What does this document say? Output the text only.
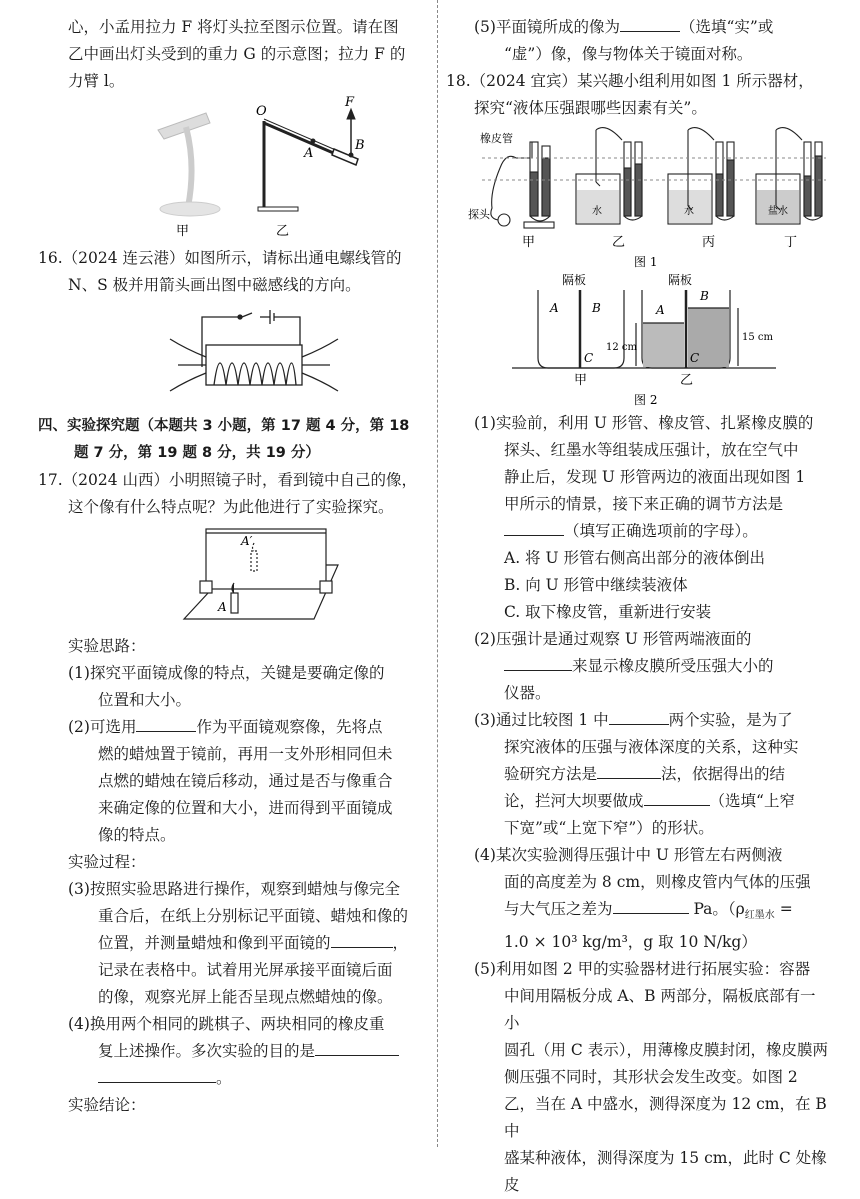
心，小孟用拉力 F 将灯头拉至图示位置。请在图

乙中画出灯头受到的重力 G 的示意图；拉力 F 的

力臂 l。

甲
O
F
A
B
乙

16.（2024 连云港）如图所示，请标出通电螺线管的

N、S 极并用箭头画出图中磁感线的方向。

四、实验探究题（本题共 3 小题，第 17 题 4 分，第 18

题 7 分，第 19 题 8 分，共 19 分）

17.（2024 山西）小明照镜子时，看到镜中自己的像，

这个像有什么特点呢？为此他进行了实验探究。

A′
A

实验思路：

(1)探究平面镜成像的特点，关键是要确定像的

位置和大小。

(2)可选用	作为平面镜观察像，先将点

燃的蜡烛置于镜前，再用一支外形相同但未

点燃的蜡烛在镜后移动，通过是否与像重合

来确定像的位置和大小，进而得到平面镜成

像的特点。

实验过程：

(3)按照实验思路进行操作，观察到蜡烛与像完全

重合后，在纸上分别标记平面镜、蜡烛和像的

位置，并测量蜡烛和像到平面镜的	，

记录在表格中。试着用光屏承接平面镜后面

的像，观察光屏上能否呈现点燃蜡烛的像。

(4)换用两个相同的跳棋子、两块相同的橡皮重

复上述操作。多次实验的目的是

。

实验结论：

(5)平面镜所成的像为	（选填“实”或

“虚”）像，像与物体关于镜面对称。

18.（2024 宜宾）某兴趣小组利用如图 1 所示器材，

探究“液体压强跟哪些因素有关”。

橡皮管
探头	水	水	盐水
甲	乙	丙	丁
图 1
隔板	隔板
A	B
C
A
B
C
12 cm
15 cm
甲	乙
图 2

(1)实验前，利用 U 形管、橡皮管、扎紧橡皮膜的

探头、红墨水等组装成压强计，放在空气中

静止后，发现 U 形管两边的液面出现如图 1

甲所示的情景，接下来正确的调节方法是

（填写正确选项前的字母）。

A. 将 U 形管右侧高出部分的液体倒出

B. 向 U 形管中继续装液体

C. 取下橡皮管，重新进行安装

(2)压强计是通过观察 U 形管两端液面的

来显示橡皮膜所受压强大小的

仪器。

(3)通过比较图 1 中	两个实验，是为了

探究液体的压强与液体深度的关系，这种实

验研究方法是	法，依据得出的结

论，拦河大坝要做成	（选填“上窄

下宽”或“上宽下窄”）的形状。

(4)某次实验测得压强计中 U 形管左右两侧液

面的高度差为 8 cm，则橡皮管内气体的压强

与大气压之差为	Pa。（$\rho_{红墨水}$ =

1.0 × 10³ kg/m³，g 取 10 N/kg）

(5)利用如图 2 甲的实验器材进行拓展实验：容器

中间用隔板分成 A、B 两部分，隔板底部有一小

圆孔（用 C 表示），用薄橡皮膜封闭，橡皮膜两

侧压强不同时，其形状会发生改变。如图 2

乙，当在 A 中盛水，测得深度为 12 cm，在 B 中

盛某种液体，测得深度为 15 cm，此时 C 处橡皮
